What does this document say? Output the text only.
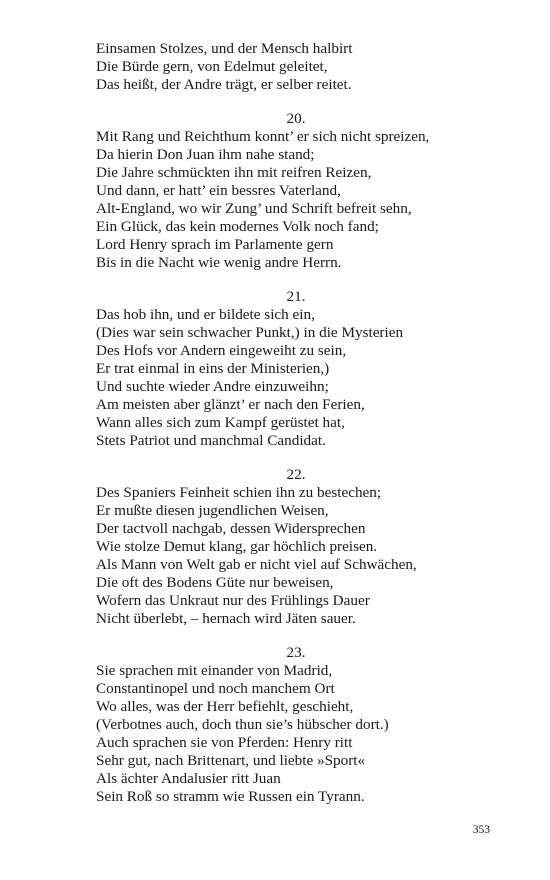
Einsamen Stolzes, und der Mensch halbirt
Die Bürde gern, von Edelmut geleitet,
Das heißt, der Andre trägt, er selber reitet.
20.
Mit Rang und Reichthum konnt’ er sich nicht spreizen,
Da hierin Don Juan ihm nahe stand;
Die Jahre schmückten ihn mit reifren Reizen,
Und dann, er hatt’ ein bessres Vaterland,
Alt-England, wo wir Zung’ und Schrift befreit sehn,
Ein Glück, das kein modernes Volk noch fand;
Lord Henry sprach im Parlamente gern
Bis in die Nacht wie wenig andre Herrn.
21.
Das hob ihn, und er bildete sich ein,
(Dies war sein schwacher Punkt,) in die Mysterien
Des Hofs vor Andern eingeweiht zu sein,
Er trat einmal in eins der Ministerien,)
Und suchte wieder Andre einzuweihn;
Am meisten aber glänzt’ er nach den Ferien,
Wann alles sich zum Kampf gerüstet hat,
Stets Patriot und manchmal Candidat.
22.
Des Spaniers Feinheit schien ihn zu bestechen;
Er mußte diesen jugendlichen Weisen,
Der tactvoll nachgab, dessen Widersprechen
Wie stolze Demut klang, gar höchlich preisen.
Als Mann von Welt gab er nicht viel auf Schwächen,
Die oft des Bodens Güte nur beweisen,
Wofern das Unkraut nur des Frühlings Dauer
Nicht überlebt, – hernach wird Jäten sauer.
23.
Sie sprachen mit einander von Madrid,
Constantinopel und noch manchem Ort
Wo alles, was der Herr befiehlt, geschieht,
(Verbotnes auch, doch thun sie’s hübscher dort.)
Auch sprachen sie von Pferden: Henry ritt
Sehr gut, nach Brittenart, und liebte »Sport«
Als ächter Andalusier ritt Juan
Sein Roß so stramm wie Russen ein Tyrann.
353
